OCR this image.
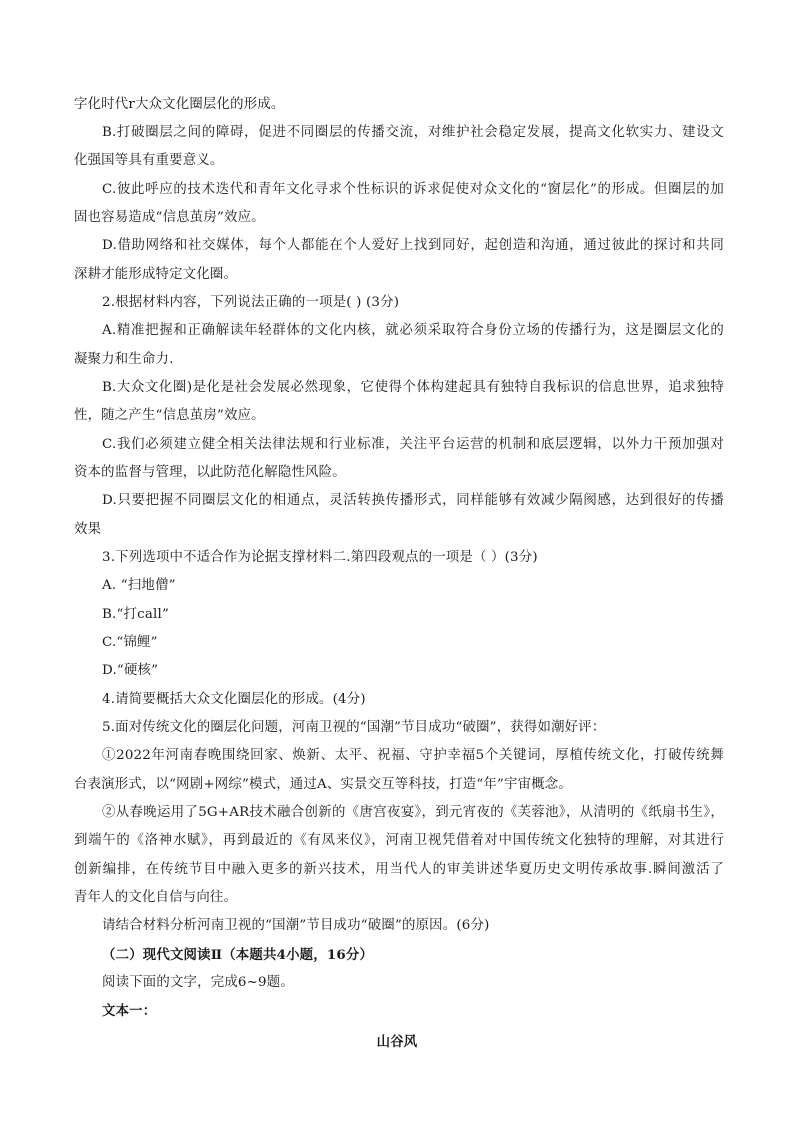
字化时代r大众文化圈层化的形成。
B.打破圈层之间的障碍，促进不同圈层的传播交流，对维护社会稳定发展，提高文化软实力、建设文
化强国等具有重要意义。
C.彼此呼应的技术迭代和青年文化寻求个性标识的诉求促使对众文化的“窗层化”的形成。但圈层的加
固也容易造成“信息茧房”效应。
D.借助网络和社交媒体，每个人都能在个人爱好上找到同好，起创造和沟通，通过彼此的探讨和共同
深耕才能形成特定文化圈。
2.根据材料内容，下列说法正确的一项是( ) (3分)
A.精准把握和正确解读年轻群体的文化内核，就必须采取符合身份立场的传播行为，这是圈层文化的
凝聚力和生命力.
B.大众文化圈)是化是社会发展必然现象，它使得个体构建起具有独特自我标识的信息世界，追求独特
性，随之产生“信息茧房”效应。
C.我们必须建立健全相关法律法规和行业标准，关注平台运营的机制和底层逻辑，以外力干预加强对
资本的监督与管理，以此防范化解隐性风险。
D.只要把握不同圈层文化的相通点，灵活转换传播形式，同样能够有效减少隔阂感，达到很好的传播
效果
3.下列选项中不适合作为论据支撑材料二.第四段观点的一项是（ ）(3分)
A. “扫地僧”
B.“打call”
C.“锦鲤”
D.“硬核”
4.请简要概括大众文化圈层化的形成。(4分)
5.面对传统文化的圈层化问题，河南卫视的“国潮”节目成功“破圈”，获得如潮好评：
①2022年河南春晚围绕回家、焕新、太平、祝福、守护幸福5个关键词，厚植传统文化，打破传统舞
台表演形式，以“网剧+网综”模式，通过A、实景交互等科技，打造“年”宇宙概念。
②从春晚运用了5G+AR技术融合创新的《唐宫夜宴》，到元宵夜的《芙蓉池》，从清明的《纸扇书生》，
到端午的《洛神水赋》，再到最近的《有凤来仪》，河南卫视凭借着对中国传统文化独特的理解，对其进行
创新编排，在传统节目中融入更多的新兴技术，用当代人的审美讲述华夏历史文明传承故事.瞬间激活了
青年人的文化自信与向往。
请结合材料分析河南卫视的“国潮”节目成功“破圈”的原因。(6分)
（二）现代文阅读Ⅱ（本题共4小题，16分）
阅读下面的文字，完成6~9题。
文本一：
山谷风
